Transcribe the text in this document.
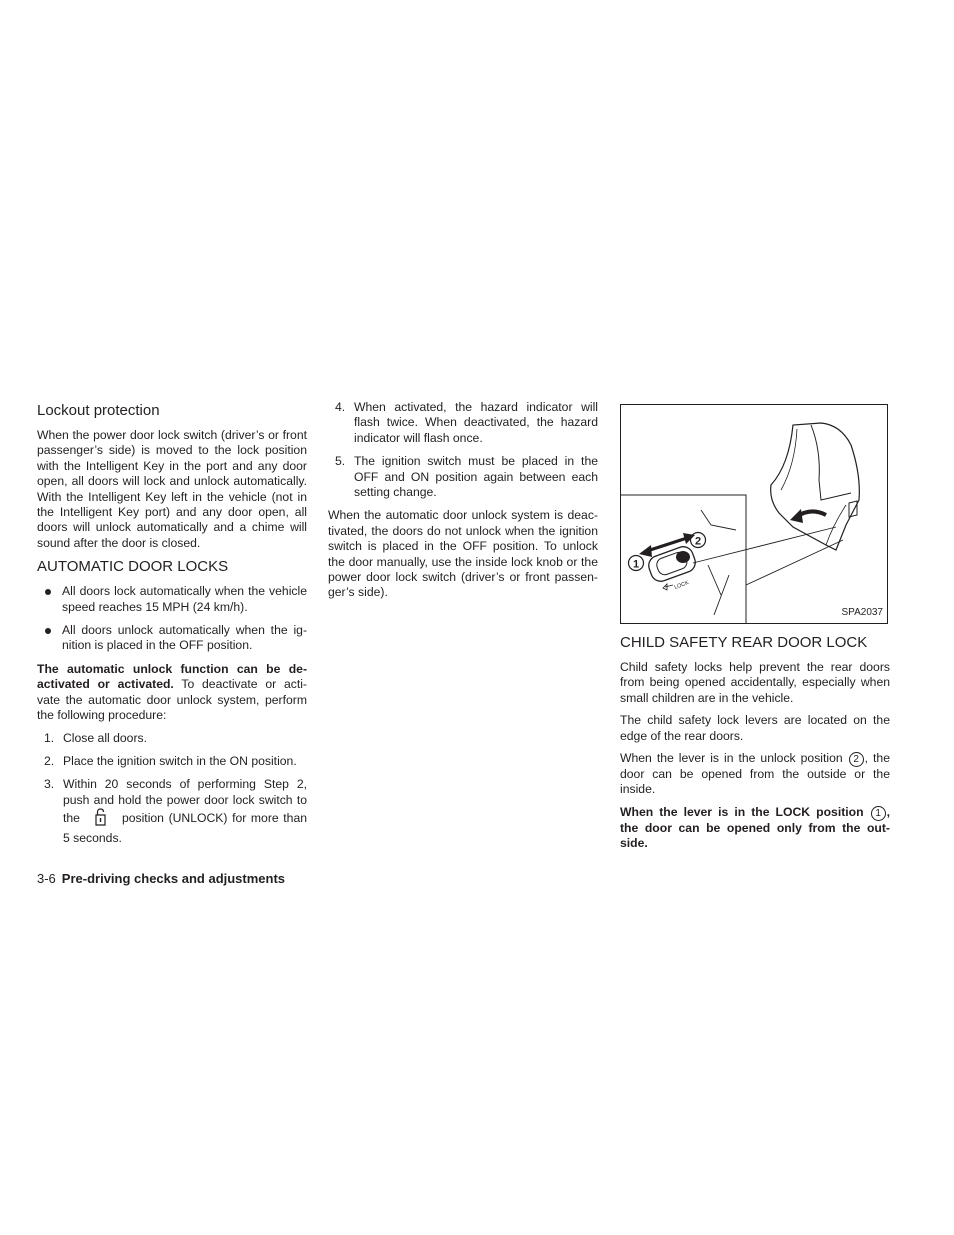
Lockout protection

When the power door lock switch (driver’s or front passenger’s side) is moved to the lock position with the Intelligent Key in the port and any door open, all doors will lock and unlock automatically. With the Intelligent Key left in the vehicle (not in the Intelligent Key port) and any door open, all doors will unlock automatically and a chime will sound after the door is closed.

AUTOMATIC DOOR LOCKS
All doors lock automatically when the vehicle speed reaches 15 MPH (24 km/h).
All doors unlock automatically when the ig- nition is placed in the OFF position.

The automatic unlock function can be de- activated or activated. To deactivate or acti- vate the automatic door unlock system, perform the following procedure:

1. Close all doors.
2. Place the ignition switch in the ON position.
3. Within 20 seconds of performing Step 2, push and hold the power door lock switch to the	position (UNLOCK) for more than 5 seconds.
4. When activated, the hazard indicator will flash twice. When deactivated, the hazard indicator will flash once.
5. The ignition switch must be placed in the OFF and ON position again between each setting change.

When the automatic door unlock system is deac- tivated, the doors do not unlock when the ignition switch is placed in the OFF position. To unlock the door manually, use the inside lock knob or the power door lock switch (driver’s or front passen- ger’s side).

1
2
LOCK
SPA2037
CHILD SAFETY REAR DOOR LOCK

Child safety locks help prevent the rear doors from being opened accidentally, especially when small children are in the vehicle.

The child safety lock levers are located on the edge of the rear doors.

When the lever is in the unlock position 2 , the door can be opened from the outside or the inside.

When the lever is in the LOCK position 1 , the door can be opened only from the out- side.

3-6 Pre-driving checks and adjustments
